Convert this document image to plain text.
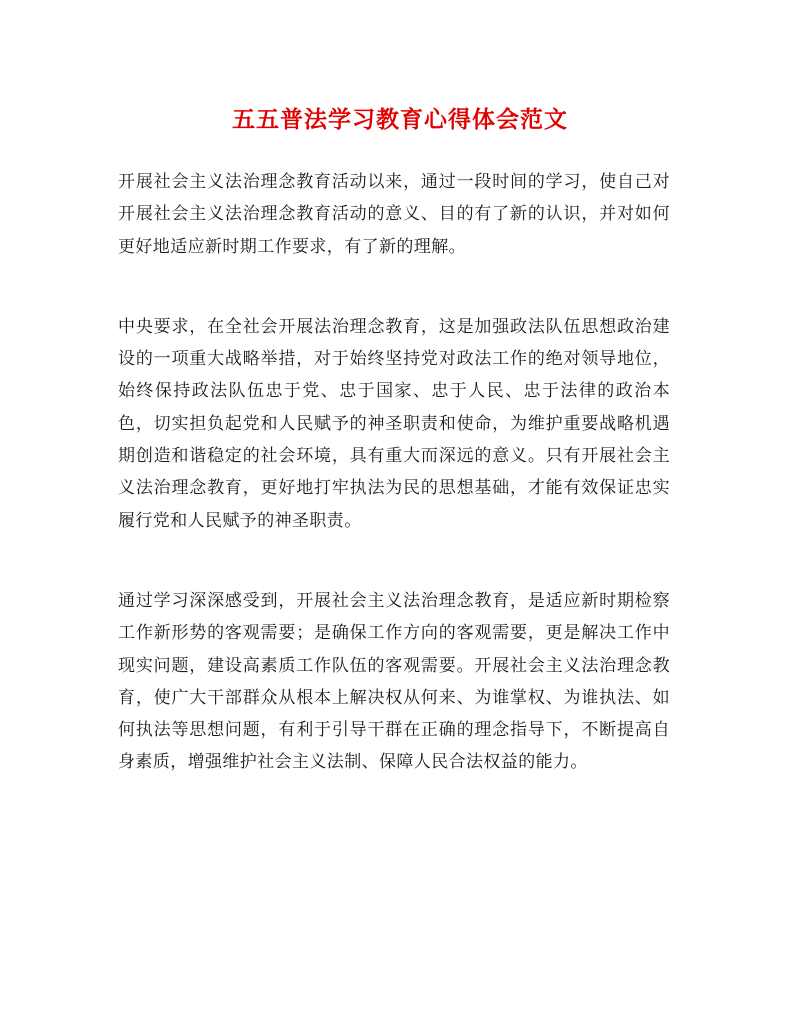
五五普法学习教育心得体会范文

开展社会主义法治理念教育活动以来，通过一段时间的学习，使自己对开展社会主义法治理念教育活动的意义、目的有了新的认识，并对如何更好地适应新时期工作要求，有了新的理解。

中央要求，在全社会开展法治理念教育，这是加强政法队伍思想政治建设的一项重大战略举措，对于始终坚持党对政法工作的绝对领导地位，始终保持政法队伍忠于党、忠于国家、忠于人民、忠于法律的政治本色，切实担负起党和人民赋予的神圣职责和使命，为维护重要战略机遇期创造和谐稳定的社会环境，具有重大而深远的意义。只有开展社会主义法治理念教育，更好地打牢执法为民的思想基础，才能有效保证忠实履行党和人民赋予的神圣职责。

通过学习深深感受到，开展社会主义法治理念教育，是适应新时期检察工作新形势的客观需要；是确保工作方向的客观需要，更是解决工作中现实问题，建设高素质工作队伍的客观需要。开展社会主义法治理念教育，使广大干部群众从根本上解决权从何来、为谁掌权、为谁执法、如何执法等思想问题，有利于引导干群在正确的理念指导下，不断提高自身素质，增强维护社会主义法制、保障人民合法权益的能力。
